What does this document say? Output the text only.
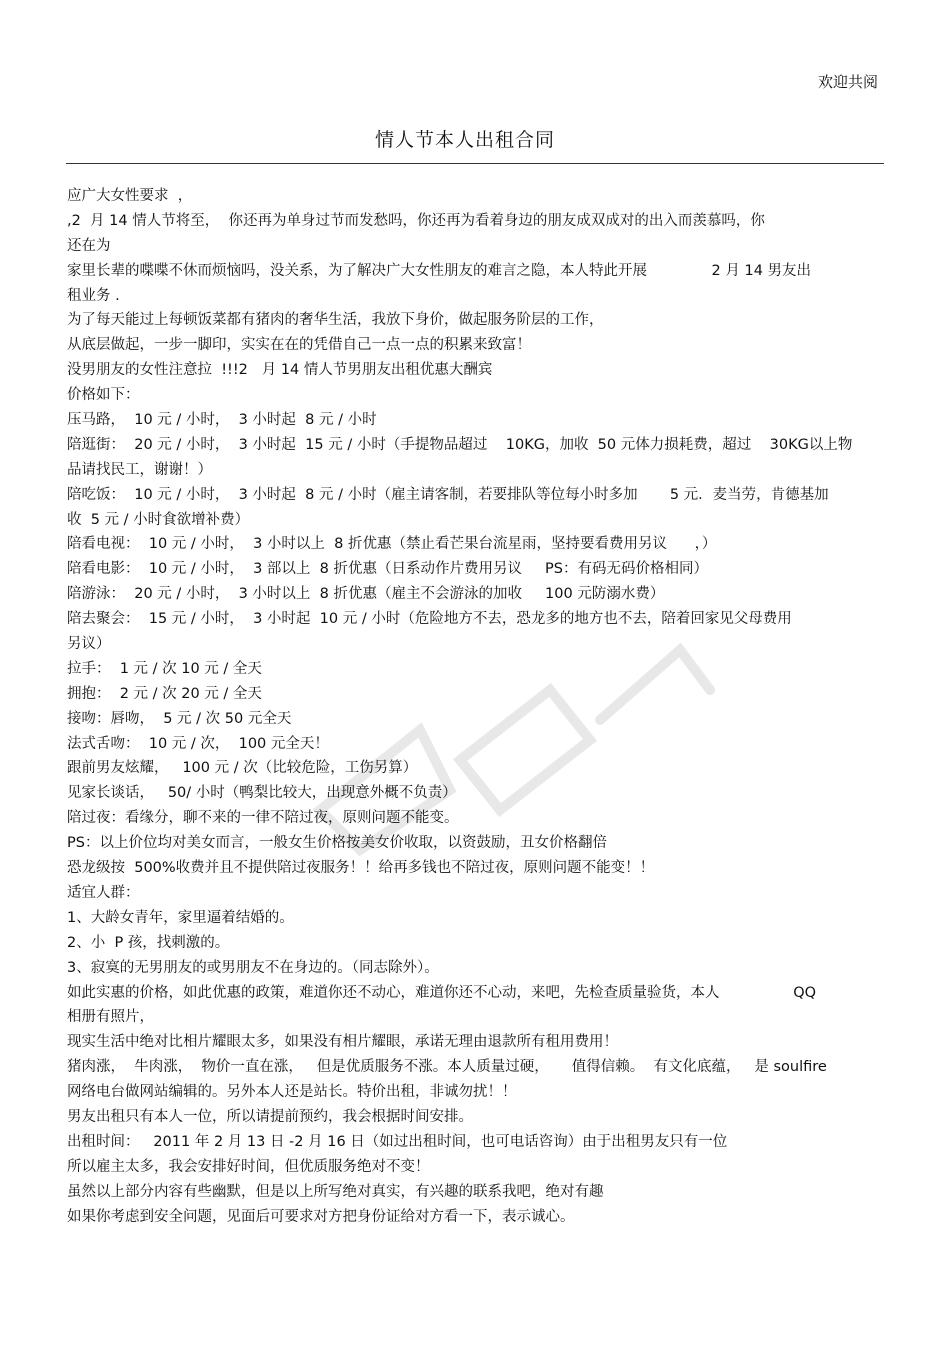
欢迎共阅
情人节本人出租合同
应广大女性要求  ，
,2  月 14 情人节将至，  你还再为单身过节而发愁吗，你还再为看着身边的朋友成双成对的出入而羡慕吗，你
还在为
家里长辈的喋喋不休而烦恼吗，没关系，为了解决广大女性朋友的难言之隐，本人特此开展              2 月 14 男友出
租业务 .
为了每天能过上每顿饭菜都有猪肉的奢华生活，我放下身价，做起服务阶层的工作，
从底层做起，一步一脚印，实实在在的凭借自己一点一点的积累来致富！
没男朋友的女性注意拉  !!!2   月 14 情人节男朋友出租优惠大酬宾
价格如下：
压马路，  10 元 / 小时，  3 小时起  8 元 / 小时
陪逛街：  20 元 / 小时，  3 小时起  15 元 / 小时（手提物品超过    10KG，加收  50 元体力损耗费，超过    30KG以上物
品请找民工，谢谢！）
陪吃饭：  10 元 / 小时，  3 小时起  8 元 / 小时（雇主请客制，若要排队等位每小时多加       5 元．麦当劳，肯德基加
收  5 元 / 小时食欲增补费）
陪看电视：  10 元 / 小时，  3 小时以上  8 折优惠（禁止看芒果台流星雨，坚持要看费用另议      ，）
陪看电影：  10 元 / 小时，  3 部以上  8 折优惠（日系动作片费用另议     PS：有码无码价格相同）
陪游泳：  20 元 / 小时，  3 小时以上  8 折优惠（雇主不会游泳的加收     100 元防溺水费）
陪去聚会：  15 元 / 小时，  3 小时起  10 元 / 小时（危险地方不去，恐龙多的地方也不去，陪着回家见父母费用
另议）
拉手：  1 元 / 次 10 元 / 全天
拥抱：  2 元 / 次 20 元 / 全天
接吻：唇吻，  5 元 / 次 50 元全天
法式舌吻：  10 元 / 次，  100 元全天！
跟前男友炫耀，   100 元 / 次（比较危险，工伤另算）
见家长谈话，   50/ 小时（鸭梨比较大，出现意外概不负责）
陪过夜：看缘分，聊不来的一律不陪过夜，原则问题不能变。
PS：以上价位均对美女而言，一般女生价格按美女价收取，以资鼓励，丑女价格翻倍
恐龙级按  500%收费并且不提供陪过夜服务！！给再多钱也不陪过夜，原则问题不能变！！
适宜人群：
1、大龄女青年，家里逼着结婚的。
2、小  P 孩，找刺激的。
3、寂寞的无男朋友的或男朋友不在身边的。（同志除外）。
如此实惠的价格，如此优惠的政策，难道你还不动心，难道你还不心动，来吧，先检查质量验货，本人                QQ
相册有照片，
现实生活中绝对比相片耀眼太多，如果没有相片耀眼，承诺无理由退款所有租用费用！
猪肉涨，  牛肉涨，  物价一直在涨，   但是优质服务不涨。本人质量过硬，     值得信赖。  有文化底蕴，   是 soulfire
网络电台做网站编辑的。另外本人还是站长。特价出租，非诚勿扰！！
男友出租只有本人一位，所以请提前预约，我会根据时间安排。
出租时间：   2011 年 2 月 13 日 -2 月 16 日（如过出租时间，也可电话咨询）由于出租男友只有一位
所以雇主太多，我会安排好时间，但优质服务绝对不变！
虽然以上部分内容有些幽默，但是以上所写绝对真实，有兴趣的联系我吧，绝对有趣
如果你考虑到安全问题，见面后可要求对方把身份证给对方看一下，表示诚心。
